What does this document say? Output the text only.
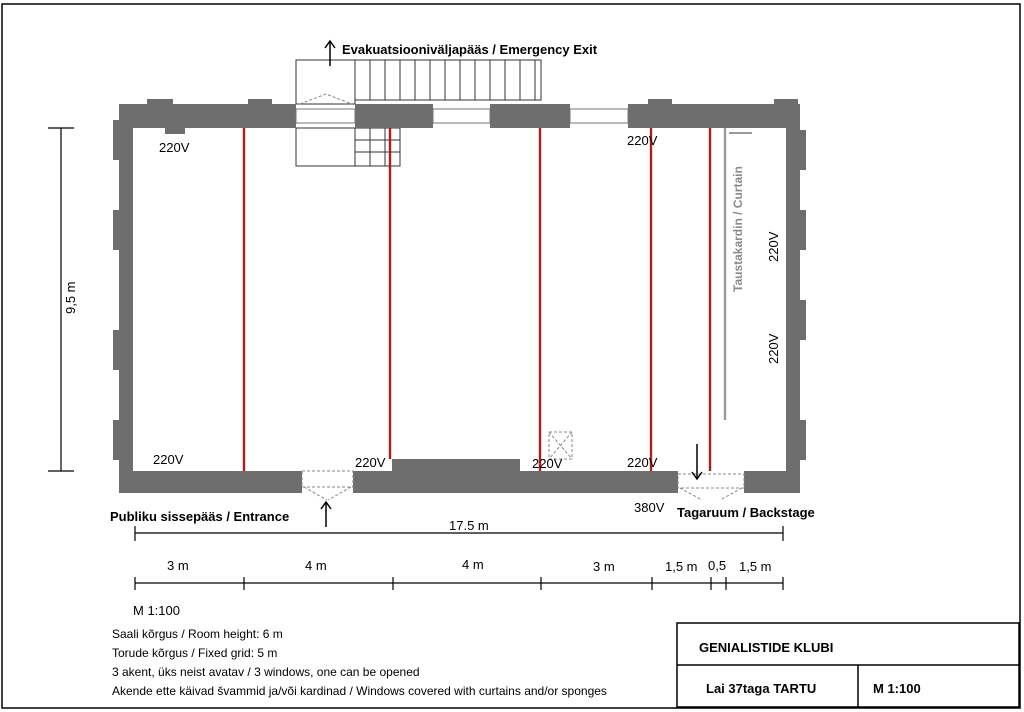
Taustakardin / Curtain
Evakuatsiooniväljapääs / Emergency Exit
Publiku sissepääs / Entrance	Tagaruum / Backstage
220V	220V
220V
220V
220V	220V	220V	220V
380V
9,5 m
17.5 m
3 m	4 m	4 m	3 m	1,5 m 0,5 1,5 m
M 1:100
Saali kõrgus / Room height: 6 m
Torude kõrgus / Fixed grid: 5 m
3 akent, üks neist avatav / 3 windows, one can be opened
Akende ette käivad švammid ja/või kardinad / Windows covered with curtains and/or sponges
GENIALISTIDE KLUBI
Lai 37taga TARTU	M 1:100
